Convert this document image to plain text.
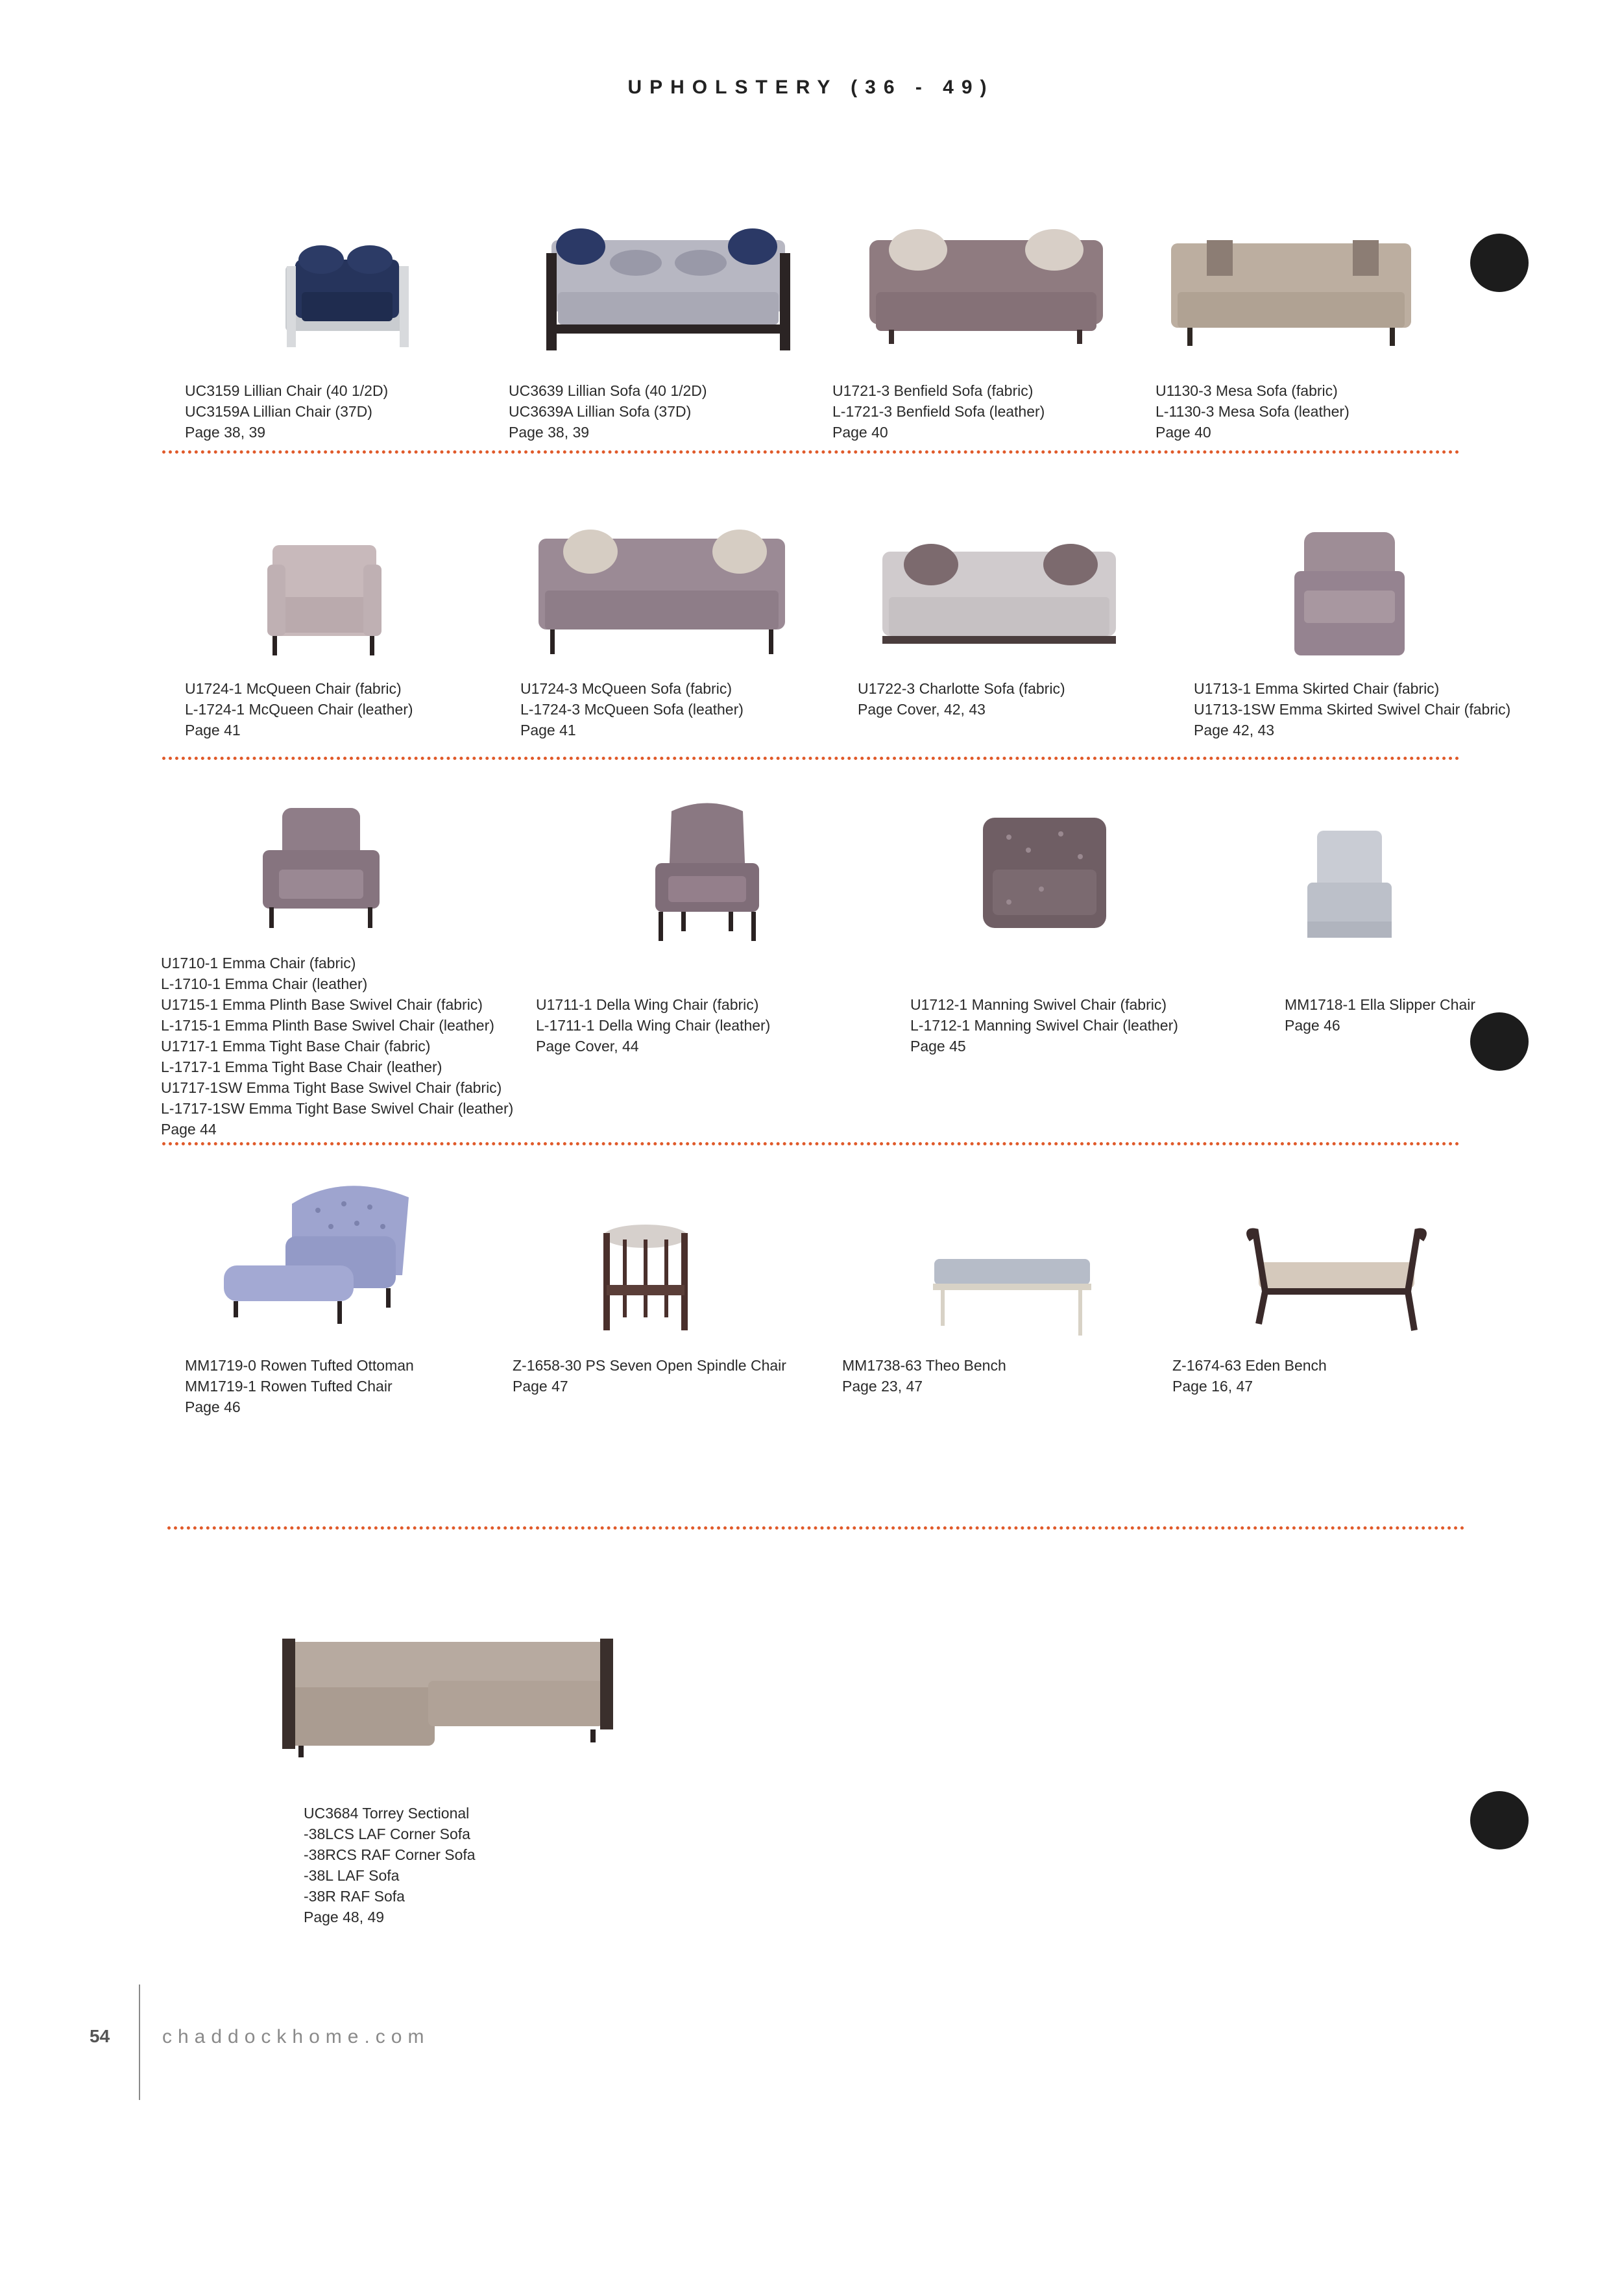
UPHOLSTERY (36 - 49)
UC3159 Lillian Chair (40 1/2D)
UC3159A Lillian Chair (37D)
Page 38, 39
UC3639 Lillian Sofa (40 1/2D)
UC3639A Lillian Sofa (37D)
Page 38, 39
U1721-3 Benfield Sofa (fabric)
L-1721-3 Benfield Sofa (leather)
Page 40
U1130-3 Mesa Sofa (fabric)
L-1130-3 Mesa Sofa (leather)
Page 40
U1724-1 McQueen Chair (fabric)
L-1724-1 McQueen Chair (leather)
Page 41
U1724-3 McQueen Sofa (fabric)
L-1724-3 McQueen Sofa (leather)
Page 41
U1722-3 Charlotte Sofa (fabric)
Page Cover, 42, 43
U1713-1 Emma Skirted Chair (fabric)
U1713-1SW Emma Skirted Swivel Chair (fabric)
Page 42, 43
U1710-1 Emma Chair (fabric)
L-1710-1 Emma Chair (leather)
U1715-1 Emma Plinth Base Swivel Chair (fabric)
L-1715-1 Emma Plinth Base Swivel Chair (leather)
U1717-1 Emma Tight Base Chair (fabric)
L-1717-1 Emma Tight Base Chair (leather)
U1717-1SW Emma Tight Base Swivel Chair (fabric)
L-1717-1SW Emma Tight Base Swivel Chair (leather)
Page 44
U1711-1 Della Wing Chair (fabric)
L-1711-1 Della Wing Chair (leather)
Page Cover, 44
U1712-1 Manning Swivel Chair (fabric)
L-1712-1 Manning Swivel Chair (leather)
Page 45
MM1718-1 Ella Slipper Chair
Page 46
MM1719-0 Rowen Tufted Ottoman
MM1719-1 Rowen Tufted Chair
Page 46
Z-1658-30 PS Seven Open Spindle Chair
Page 47
MM1738-63 Theo Bench
Page 23, 47
Z-1674-63 Eden Bench
Page 16, 47
UC3684 Torrey Sectional
-38LCS LAF Corner Sofa
-38RCS RAF Corner Sofa
-38L LAF Sofa
-38R RAF Sofa
Page 48, 49
54	chaddockhome.com
